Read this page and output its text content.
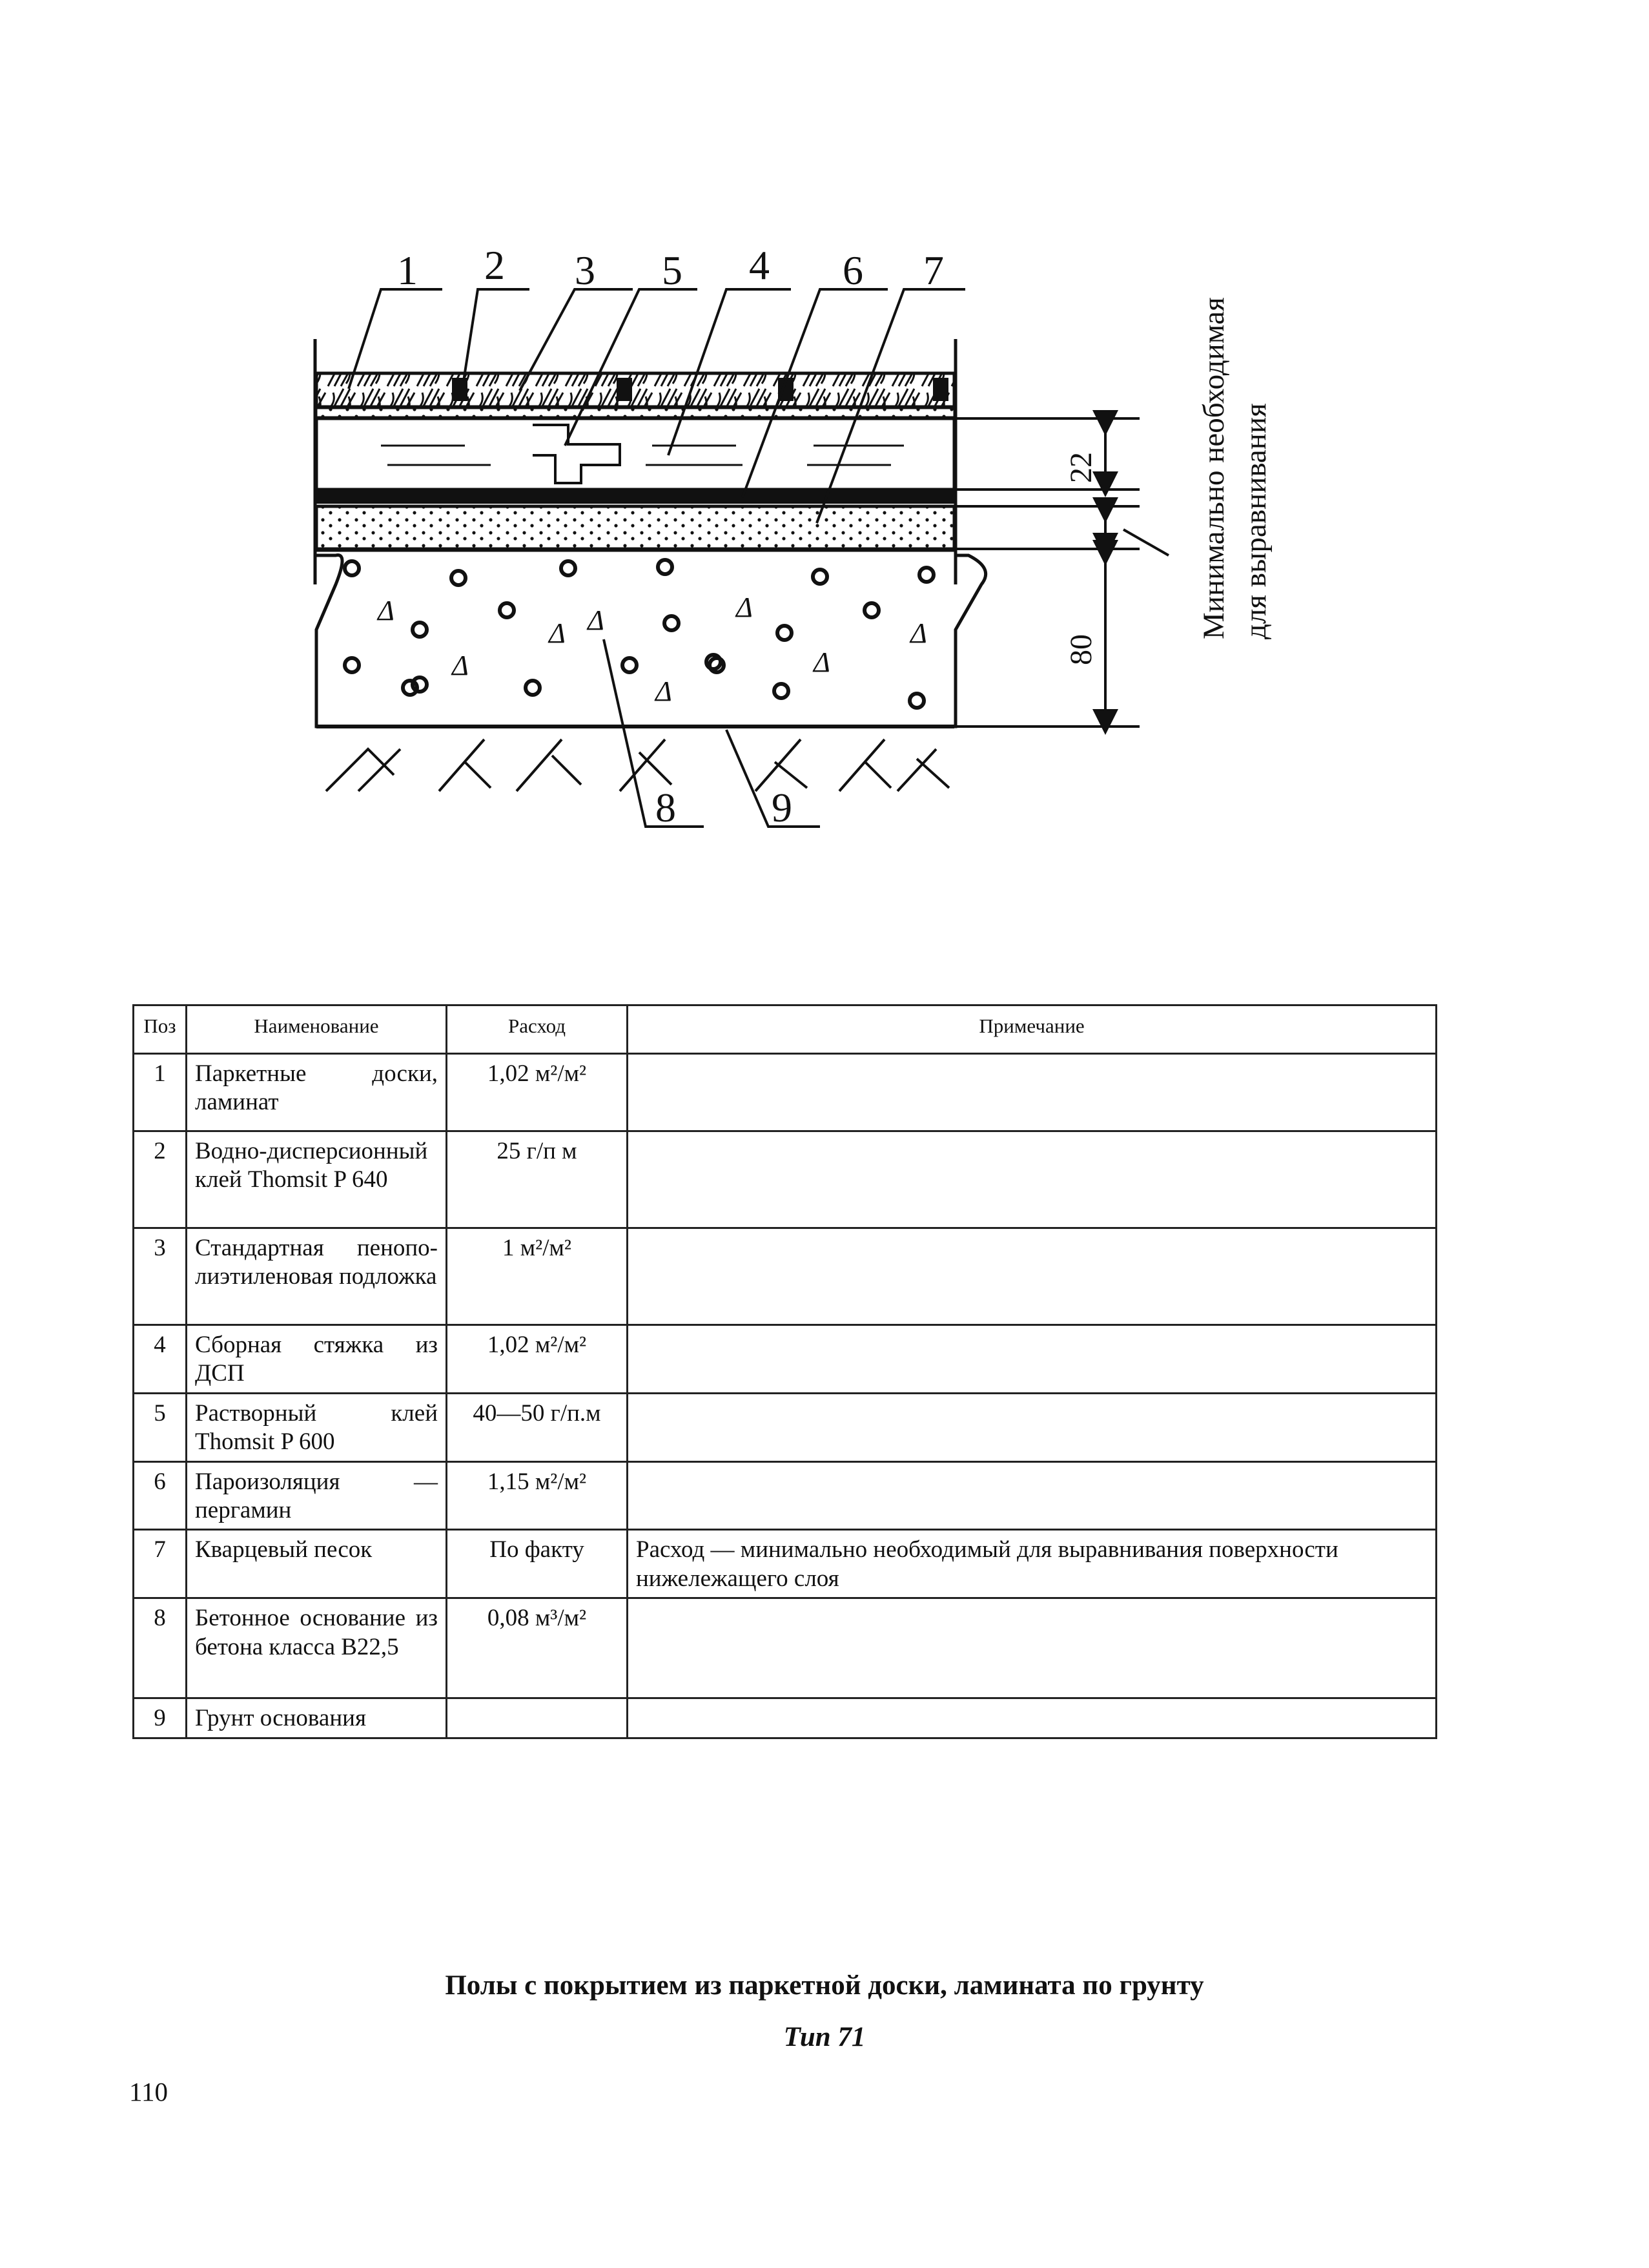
Δ
Δ Δ	Δ
Δ
Δ	Δ
Δ
1 2 3 5 4 6 7
8 9
22
80
Минимально необходимая для выравнивания
Поз	Наименование	Расход	Примечание
1	Паркетные доски, ламинат	1,02 м²/м²	
2	Водно-дисперсионный клей Thomsit P 640	25 г/п м	
3	Стандартная пенополиэтиленовая подложка	1 м²/м²	
4	Сборная стяжка из ДСП	1,02 м²/м²	
5	Растворный клей Thomsit P 600	40—50 г/п.м	
6	Пароизоляция — пергамин	1,15 м²/м²	
7	Кварцевый песок	По факту	Расход — минимально необходимый для выравнивания поверхности нижележащего слоя
8	Бетонное основание из бетона класса B22,5	0,08 м³/м²	
9	Грунт основания		
Полы с покрытием из паркетной доски, ламината по грунту
Тип 71
110
